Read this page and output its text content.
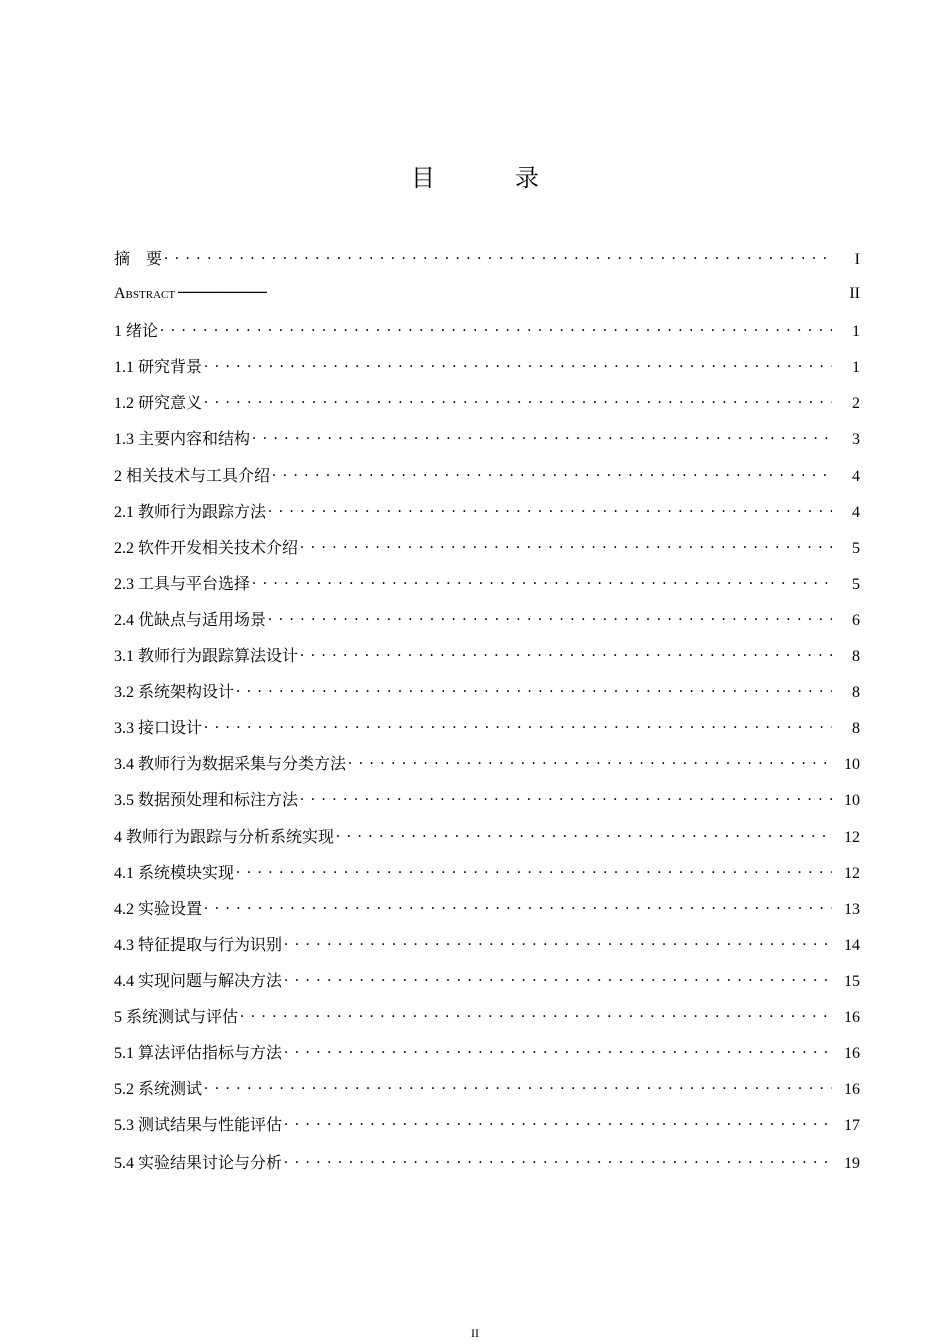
目　录
摘　要 . . .	I
Abstract . . .	II
1 绪论 . . .	1
1.1 研究背景 . . .	1
1.2 研究意义 . . .	2
1.3 主要内容和结构 . . .	3
2 相关技术与工具介绍 . . .	4
2.1 教师行为跟踪方法 . . .	4
2.2 软件开发相关技术介绍 . . .	5
2.3 工具与平台选择 . . .	5
2.4 优缺点与适用场景 . . .	6
3.1 教师行为跟踪算法设计 . . .	8
3.2 系统架构设计 . . .	8
3.3 接口设计 . . .	8
3.4 教师行为数据采集与分类方法 . . .	10
3.5 数据预处理和标注方法 . . .	10
4 教师行为跟踪与分析系统实现 . . .	12
4.1 系统模块实现 . . .	12
4.2 实验设置 . . .	13
4.3 特征提取与行为识别 . . .	14
4.4 实现问题与解决方法 . . .	15
5 系统测试与评估 . . .	16
5.1 算法评估指标与方法 . . .	16
5.2 系统测试 . . .	16
5.3 测试结果与性能评估 . . .	17
5.4 实验结果讨论与分析 . . .	19
II
